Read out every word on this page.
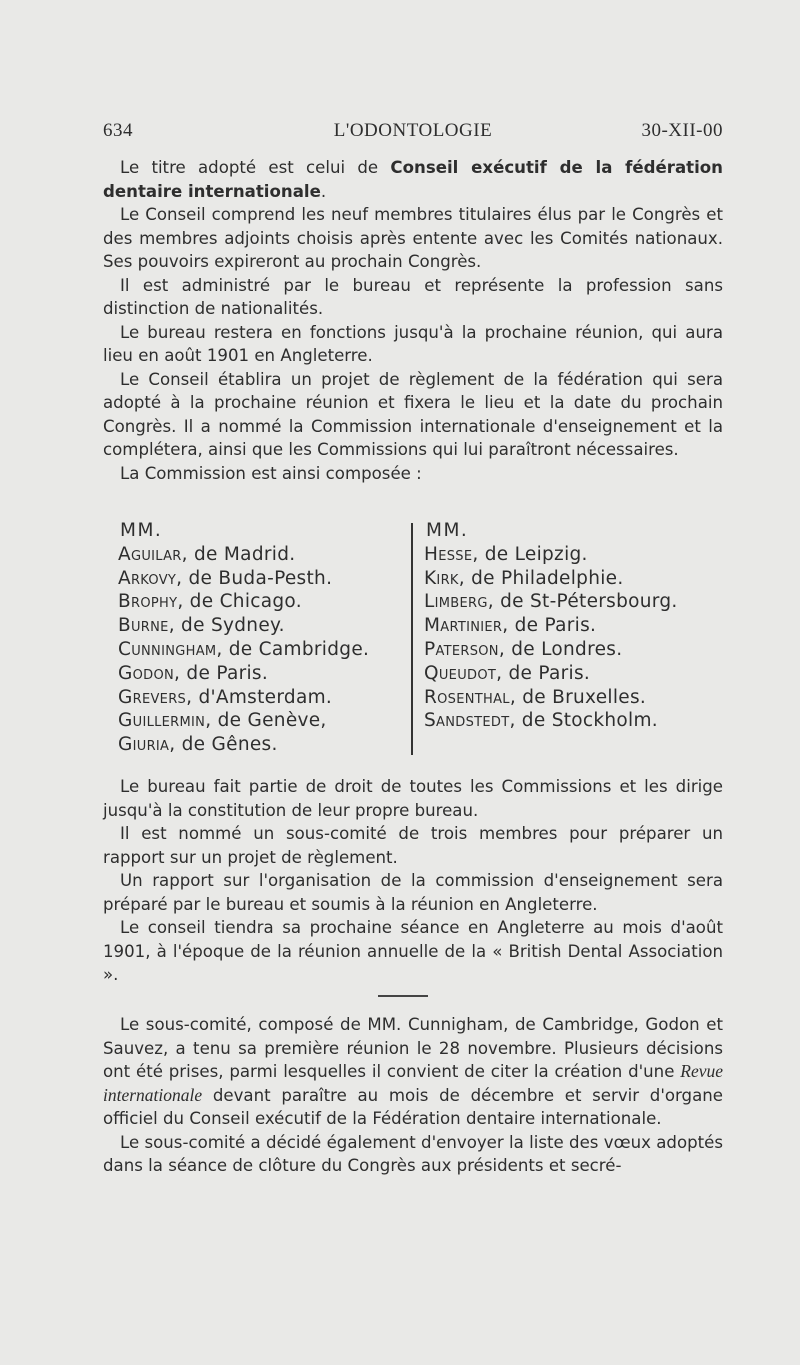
634	L'ODONTOLOGIE	30-XII-00

Le titre adopté est celui de Conseil exécutif de la fédération dentaire internationale.

Le Conseil comprend les neuf membres titulaires élus par le Congrès et des membres adjoints choisis après entente avec les Comités nationaux. Ses pouvoirs expireront au prochain Congrès.

Il est administré par le bureau et représente la profession sans distinction de nationalités.

Le bureau restera en fonctions jusqu'à la prochaine réunion, qui aura lieu en août 1901 en Angleterre.

Le Conseil établira un projet de règlement de la fédération qui sera adopté à la prochaine réunion et fixera le lieu et la date du prochain Congrès. Il a nommé la Commission internationale d'enseignement et la complétera, ainsi que les Commissions qui lui paraîtront nécessaires.

La Commission est ainsi composée :

MM.
Aguilar, de Madrid.
Arkovy, de Buda-Pesth.
Brophy, de Chicago.
Burne, de Sydney.
Cunningham, de Cambridge.
Godon, de Paris.
Grevers, d'Amsterdam.
Guillermin, de Genève,
Giuria, de Gênes.
MM.
Hesse, de Leipzig.
Kirk, de Philadelphie.
Limberg, de St-Pétersbourg.
Martinier, de Paris.
Paterson, de Londres.
Queudot, de Paris.
Rosenthal, de Bruxelles.
Sandstedt, de Stockholm.

Le bureau fait partie de droit de toutes les Commissions et les dirige jusqu'à la constitution de leur propre bureau.

Il est nommé un sous-comité de trois membres pour préparer un rapport sur un projet de règlement.

Un rapport sur l'organisation de la commission d'enseignement sera préparé par le bureau et soumis à la réunion en Angleterre.

Le conseil tiendra sa prochaine séance en Angleterre au mois d'août 1901, à l'époque de la réunion annuelle de la « British Dental Association ».

Le sous-comité, composé de MM. Cunnigham, de Cambridge, Godon et Sauvez, a tenu sa première réunion le 28 novembre. Plusieurs décisions ont été prises, parmi lesquelles il convient de citer la création d'une Revue internationale devant paraître au mois de décembre et servir d'organe officiel du Conseil exécutif de la Fédération dentaire internationale.

Le sous-comité a décidé également d'envoyer la liste des vœux adoptés dans la séance de clôture du Congrès aux présidents et secré-
